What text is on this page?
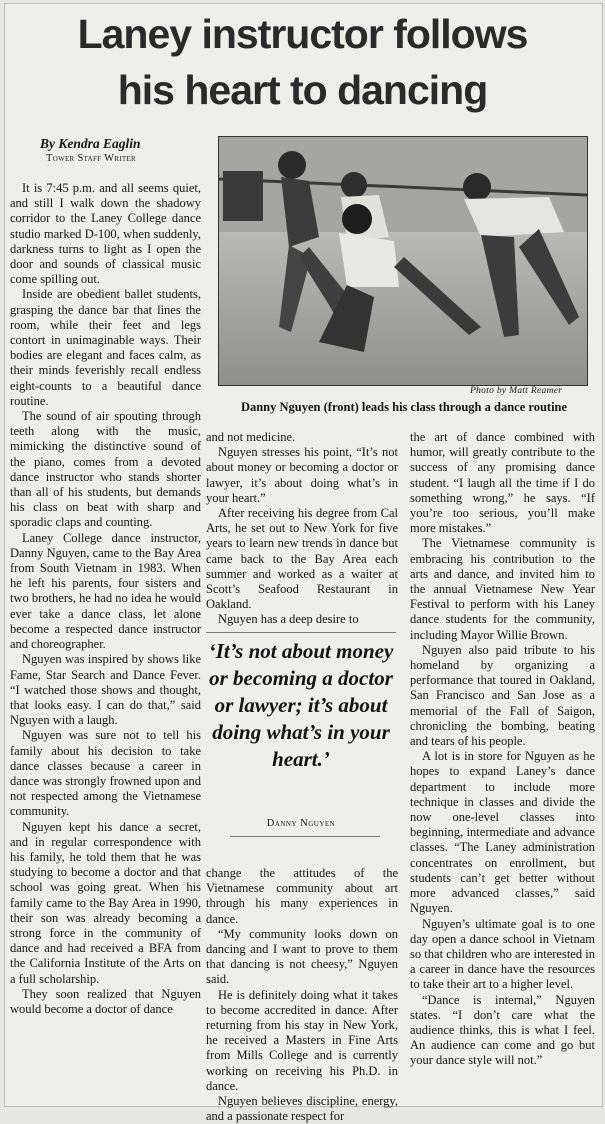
Laney instructor follows
his heart to dancing
By Kendra Eaglin
Tower Staff Writer
Photo by Matt Reamer
Danny Nguyen (front) leads his class through a dance routine

It is 7:45 p.m. and all seems quiet, and still I walk down the shadowy corridor to the Laney College dance studio marked D-100, when suddenly, darkness turns to light as I open the door and sounds of classical music come spilling out.

Inside are obedient ballet students, grasping the dance bar that lines the room, while their feet and legs contort in unimaginable ways. Their bodies are elegant and faces calm, as their minds feverishly recall endless eight-counts to a beautiful dance routine.

The sound of air spouting through teeth along with the music, mimicking the distinctive sound of the piano, comes from a devoted dance instructor who stands shorter than all of his students, but demands his class on beat with sharp and sporadic claps and counting.

Laney College dance instructor, Danny Nguyen, came to the Bay Area from South Vietnam in 1983. When he left his parents, four sisters and two brothers, he had no idea he would ever take a dance class, let alone become a respected dance instructor and choreographer.

Nguyen was inspired by shows like Fame, Star Search and Dance Fever. “I watched those shows and thought, that looks easy. I can do that,” said Nguyen with a laugh.

Nguyen was sure not to tell his family about his decision to take dance classes because a career in dance was strongly frowned upon and not respected among the Vietnamese community.

Nguyen kept his dance a secret, and in regular correspondence with his family, he told them that he was studying to become a doctor and that school was going great. When his family came to the Bay Area in 1990, their son was already becoming a strong force in the community of dance and had received a BFA from the California Institute of the Arts on a full scholarship.

They soon realized that Nguyen would become a doctor of dance

and not medicine.

Nguyen stresses his point, “It’s not about money or becoming a doctor or lawyer, it’s about doing what’s in your heart.”

After receiving his degree from Cal Arts, he set out to New York for five years to learn new trends in dance but came back to the Bay Area each summer and worked as a waiter at Scott’s Seafood Restaurant in Oakland.

Nguyen has a deep desire to

‘It’s not about money or becoming a doctor or lawyer; it’s about doing what’s in your heart.’
Danny Nguyen

change the attitudes of the Vietnamese community about art through his many experiences in dance.

“My community looks down on dancing and I want to prove to them that dancing is not cheesy,” Nguyen said.

He is definitely doing what it takes to become accredited in dance. After returning from his stay in New York, he received a Masters in Fine Arts from Mills College and is currently working on receiving his Ph.D. in dance.

Nguyen believes discipline, energy, and a passionate respect for

the art of dance combined with humor, will greatly contribute to the success of any promising dance student. “I laugh all the time if I do something wrong,” he says. “If you’re too serious, you’ll make more mistakes.”

The Vietnamese community is embracing his contribution to the arts and dance, and invited him to the annual Vietnamese New Year Festival to perform with his Laney dance students for the community, including Mayor Willie Brown.

Nguyen also paid tribute to his homeland by organizing a performance that toured in Oakland, San Francisco and San Jose as a memorial of the Fall of Saigon, chronicling the bombing, beating and tears of his people.

A lot is in store for Nguyen as he hopes to expand Laney’s dance department to include more technique in classes and divide the now one-level classes into beginning, intermediate and advance classes. “The Laney administration concentrates on enrollment, but students can’t get better without more advanced classes,” said Nguyen.

Nguyen’s ultimate goal is to one day open a dance school in Vietnam so that children who are interested in a career in dance have the resources to take their art to a higher level.

“Dance is internal,” Nguyen states. “I don’t care what the audience thinks, this is what I feel. An audience can come and go but your dance style will not.”
